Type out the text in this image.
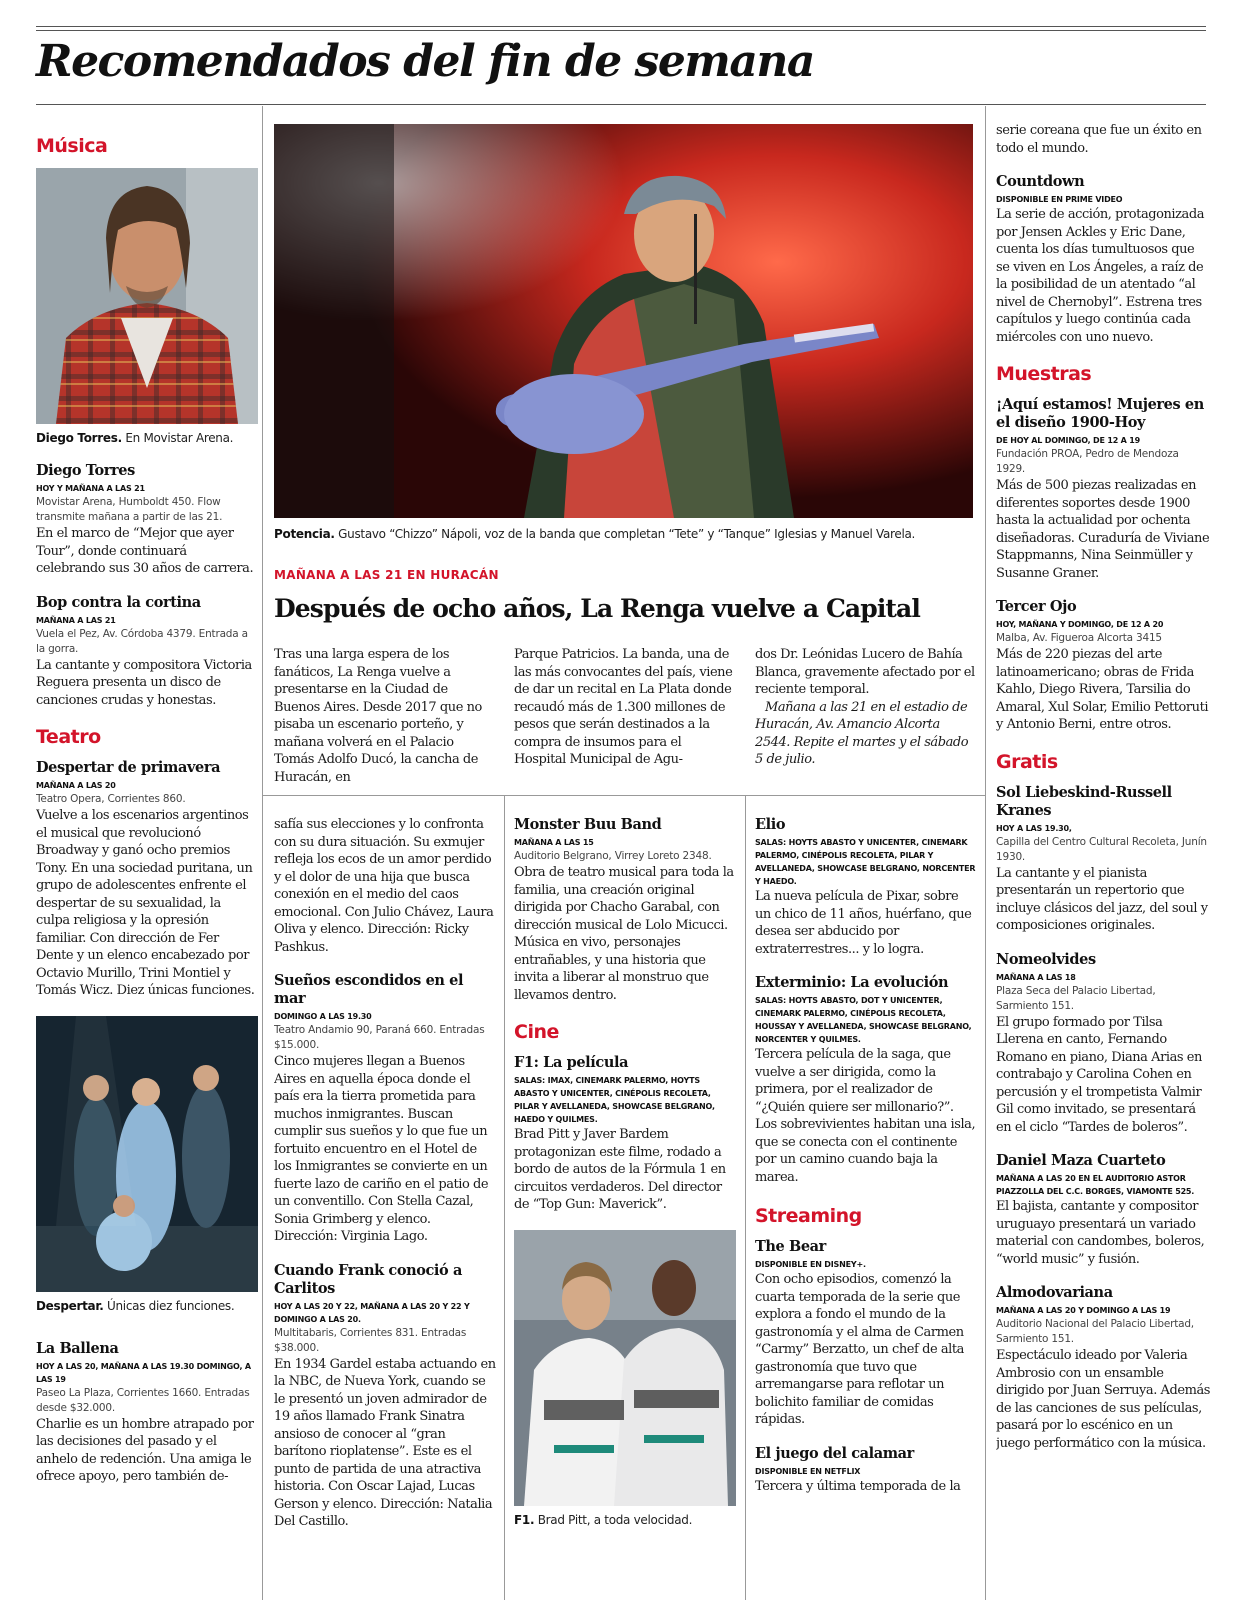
Recomendados del fin de semana
Música
Diego Torres. En Movistar Arena.
Diego Torres
HOY Y MAÑANA A LAS 21
Movistar Arena, Humboldt 450. Flow transmite mañana a partir de las 21.
En el marco de “Mejor que ayer Tour”, donde continuará celebrando sus 30 años de carrera.
Bop contra la cortina
MAÑANA A LAS 21
Vuela el Pez, Av. Córdoba 4379. Entrada a la gorra.
La cantante y compositora Victoria Reguera presenta un disco de canciones crudas y honestas.
Teatro
Despertar de primavera
MAÑANA A LAS 20
Teatro Opera, Corrientes 860.
Vuelve a los escenarios argentinos el musical que revolucionó Broadway y ganó ocho premios Tony. En una sociedad puritana, un grupo de adolescentes enfrente el despertar de su sexualidad, la culpa religiosa y la opresión familiar. Con dirección de Fer Dente y un elenco encabezado por Octavio Murillo, Trini Montiel y Tomás Wicz. Diez únicas funciones.
Despertar. Únicas diez funciones.
La Ballena
HOY A LAS 20, MAÑANA A LAS 19.30 DOMINGO, A LAS 19
Paseo La Plaza, Corrientes 1660. Entradas desde $32.000.
Charlie es un hombre atrapado por las decisiones del pasado y el anhelo de redención. Una amiga le ofrece apoyo, pero también de-
Potencia. Gustavo “Chizzo” Nápoli, voz de la banda que completan “Tete” y “Tanque” Iglesias y Manuel Varela.
MAÑANA A LAS 21 EN HURACÁN
Después de ocho años, La Renga vuelve a Capital
Tras una larga espera de los fanáticos, La Renga vuelve a presentarse en la Ciudad de Buenos Aires. Desde 2017 que no pisaba un escenario porteño, y mañana volverá en el Palacio Tomás Adolfo Ducó, la cancha de Huracán, en
Parque Patricios. La banda, una de las más convocantes del país, viene de dar un recital en La Plata donde recaudó más de 1.300 millones de pesos que serán destinados a la compra de insumos para el Hospital Municipal de Agu-
dos Dr. Leónidas Lucero de Bahía Blanca, gravemente afectado por el reciente temporal.
Mañana a las 21 en el estadio de Huracán, Av. Amancio Alcorta 2544. Repite el martes y el sábado 5 de julio.
safía sus elecciones y lo confronta con su dura situación. Su exmujer refleja los ecos de un amor perdido y el dolor de una hija que busca conexión en el medio del caos emocional. Con Julio Chávez, Laura Oliva y elenco. Dirección: Ricky Pashkus.
Sueños escondidos en el mar
DOMINGO A LAS 19.30
Teatro Andamio 90, Paraná 660. Entradas $15.000.
Cinco mujeres llegan a Buenos Aires en aquella época donde el país era la tierra prometida para muchos inmigrantes. Buscan cumplir sus sueños y lo que fue un fortuito encuentro en el Hotel de los Inmigrantes se convierte en un fuerte lazo de cariño en el patio de un conventillo. Con Stella Cazal, Sonia Grimberg y elenco. Dirección: Virginia Lago.
Cuando Frank conoció a Carlitos
HOY A LAS 20 Y 22, MAÑANA A LAS 20 Y 22 Y DOMINGO A LAS 20.
Multitabaris, Corrientes 831. Entradas $38.000.
En 1934 Gardel estaba actuando en la NBC, de Nueva York, cuando se le presentó un joven admirador de 19 años llamado Frank Sinatra ansioso de conocer al “gran barítono rioplatense”. Este es el punto de partida de una atractiva historia. Con Oscar Lajad, Lucas Gerson y elenco. Dirección: Natalia Del Castillo.
Monster Buu Band
MAÑANA A LAS 15
Auditorio Belgrano, Virrey Loreto 2348.
Obra de teatro musical para toda la familia, una creación original dirigida por Chacho Garabal, con dirección musical de Lolo Micucci. Música en vivo, personajes entrañables, y una historia que invita a liberar al monstruo que llevamos dentro.
Cine
F1: La película
SALAS: IMAX, CINEMARK PALERMO, HOYTS ABASTO Y UNICENTER, CINÉPOLIS RECOLETA, PILAR Y AVELLANEDA, SHOWCASE BELGRANO, HAEDO Y QUILMES.
Brad Pitt y Javer Bardem protagonizan este filme, rodado a bordo de autos de la Fórmula 1 en circuitos verdaderos. Del director de “Top Gun: Maverick”.
F1. Brad Pitt, a toda velocidad.
Elio
SALAS: HOYTS ABASTO Y UNICENTER, CINEMARK PALERMO, CINÉPOLIS RECOLETA, PILAR Y AVELLANEDA, SHOWCASE BELGRANO, NORCENTER Y HAEDO.
La nueva película de Pixar, sobre un chico de 11 años, huérfano, que desea ser abducido por extraterrestres... y lo logra.
Exterminio: La evolución
SALAS: HOYTS ABASTO, DOT Y UNICENTER, CINEMARK PALERMO, CINÉPOLIS RECOLETA, HOUSSAY Y AVELLANEDA, SHOWCASE BELGRANO, NORCENTER Y QUILMES.
Tercera película de la saga, que vuelve a ser dirigida, como la primera, por el realizador de “¿Quién quiere ser millonario?”. Los sobrevivientes habitan una isla, que se conecta con el continente por un camino cuando baja la marea.
Streaming
The Bear
DISPONIBLE EN DISNEY+.
Con ocho episodios, comenzó la cuarta temporada de la serie que explora a fondo el mundo de la gastronomía y el alma de Carmen “Carmy” Berzatto, un chef de alta gastronomía que tuvo que arremangarse para reflotar un bolichito familiar de comidas rápidas.
El juego del calamar
DISPONIBLE EN NETFLIX
Tercera y última temporada de la
serie coreana que fue un éxito en todo el mundo.
Countdown
DISPONIBLE EN PRIME VIDEO
La serie de acción, protagonizada por Jensen Ackles y Eric Dane, cuenta los días tumultuosos que se viven en Los Ángeles, a raíz de la posibilidad de un atentado “al nivel de Chernobyl”. Estrena tres capítulos y luego continúa cada miércoles con uno nuevo.
Muestras
¡Aquí estamos! Mujeres en el diseño 1900-Hoy
DE HOY AL DOMINGO, DE 12 A 19
Fundación PROA, Pedro de Mendoza 1929.
Más de 500 piezas realizadas en diferentes soportes desde 1900 hasta la actualidad por ochenta diseñadoras. Curaduría de Viviane Stappmanns, Nina Seinmüller y Susanne Graner.
Tercer Ojo
HOY, MAÑANA Y DOMINGO, DE 12 A 20
Malba, Av. Figueroa Alcorta 3415
Más de 220 piezas del arte latinoamericano; obras de Frida Kahlo, Diego Rivera, Tarsilia do Amaral, Xul Solar, Emilio Pettoruti y Antonio Berni, entre otros.
Gratis
Sol Liebeskind-Russell Kranes
HOY A LAS 19.30,
Capilla del Centro Cultural Recoleta, Junín 1930.
La cantante y el pianista presentarán un repertorio que incluye clásicos del jazz, del soul y composiciones originales.
Nomeolvides
MAÑANA A LAS 18
Plaza Seca del Palacio Libertad, Sarmiento 151.
El grupo formado por Tilsa Llerena en canto, Fernando Romano en piano, Diana Arias en contrabajo y Carolina Cohen en percusión y el trompetista Valmir Gil como invitado, se presentará en el ciclo “Tardes de boleros”.
Daniel Maza Cuarteto
MAÑANA A LAS 20 EN EL AUDITORIO ASTOR PIAZZOLLA DEL C.C. BORGES, VIAMONTE 525.
El bajista, cantante y compositor uruguayo presentará un variado material con candombes, boleros, “world music” y fusión.
Almodovariana
MAÑANA A LAS 20 Y DOMINGO A LAS 19
Auditorio Nacional del Palacio Libertad, Sarmiento 151.
Espectáculo ideado por Valeria Ambrosio con un ensamble dirigido por Juan Serruya. Además de las canciones de sus películas, pasará por lo escénico en un juego performático con la música.
